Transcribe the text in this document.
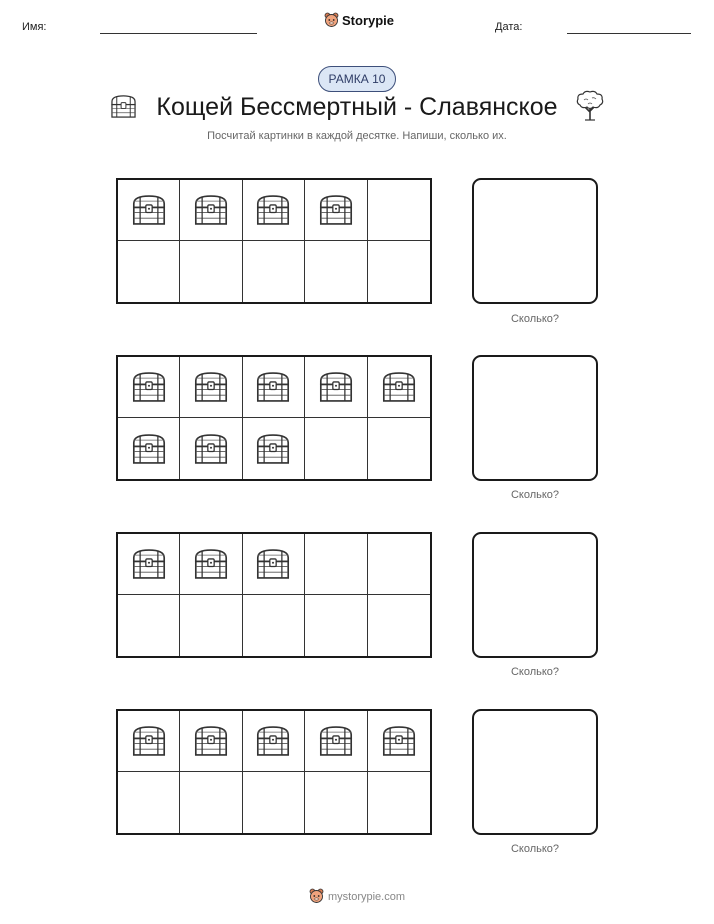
Имя:	Storypie	Дата:
РАМКА 10
Кощей Бессмертный - Славянское
Посчитай картинки в каждой десятке. Напиши, сколько их.
Сколько?
Сколько?
Сколько?
Сколько?
mystorypie.com
